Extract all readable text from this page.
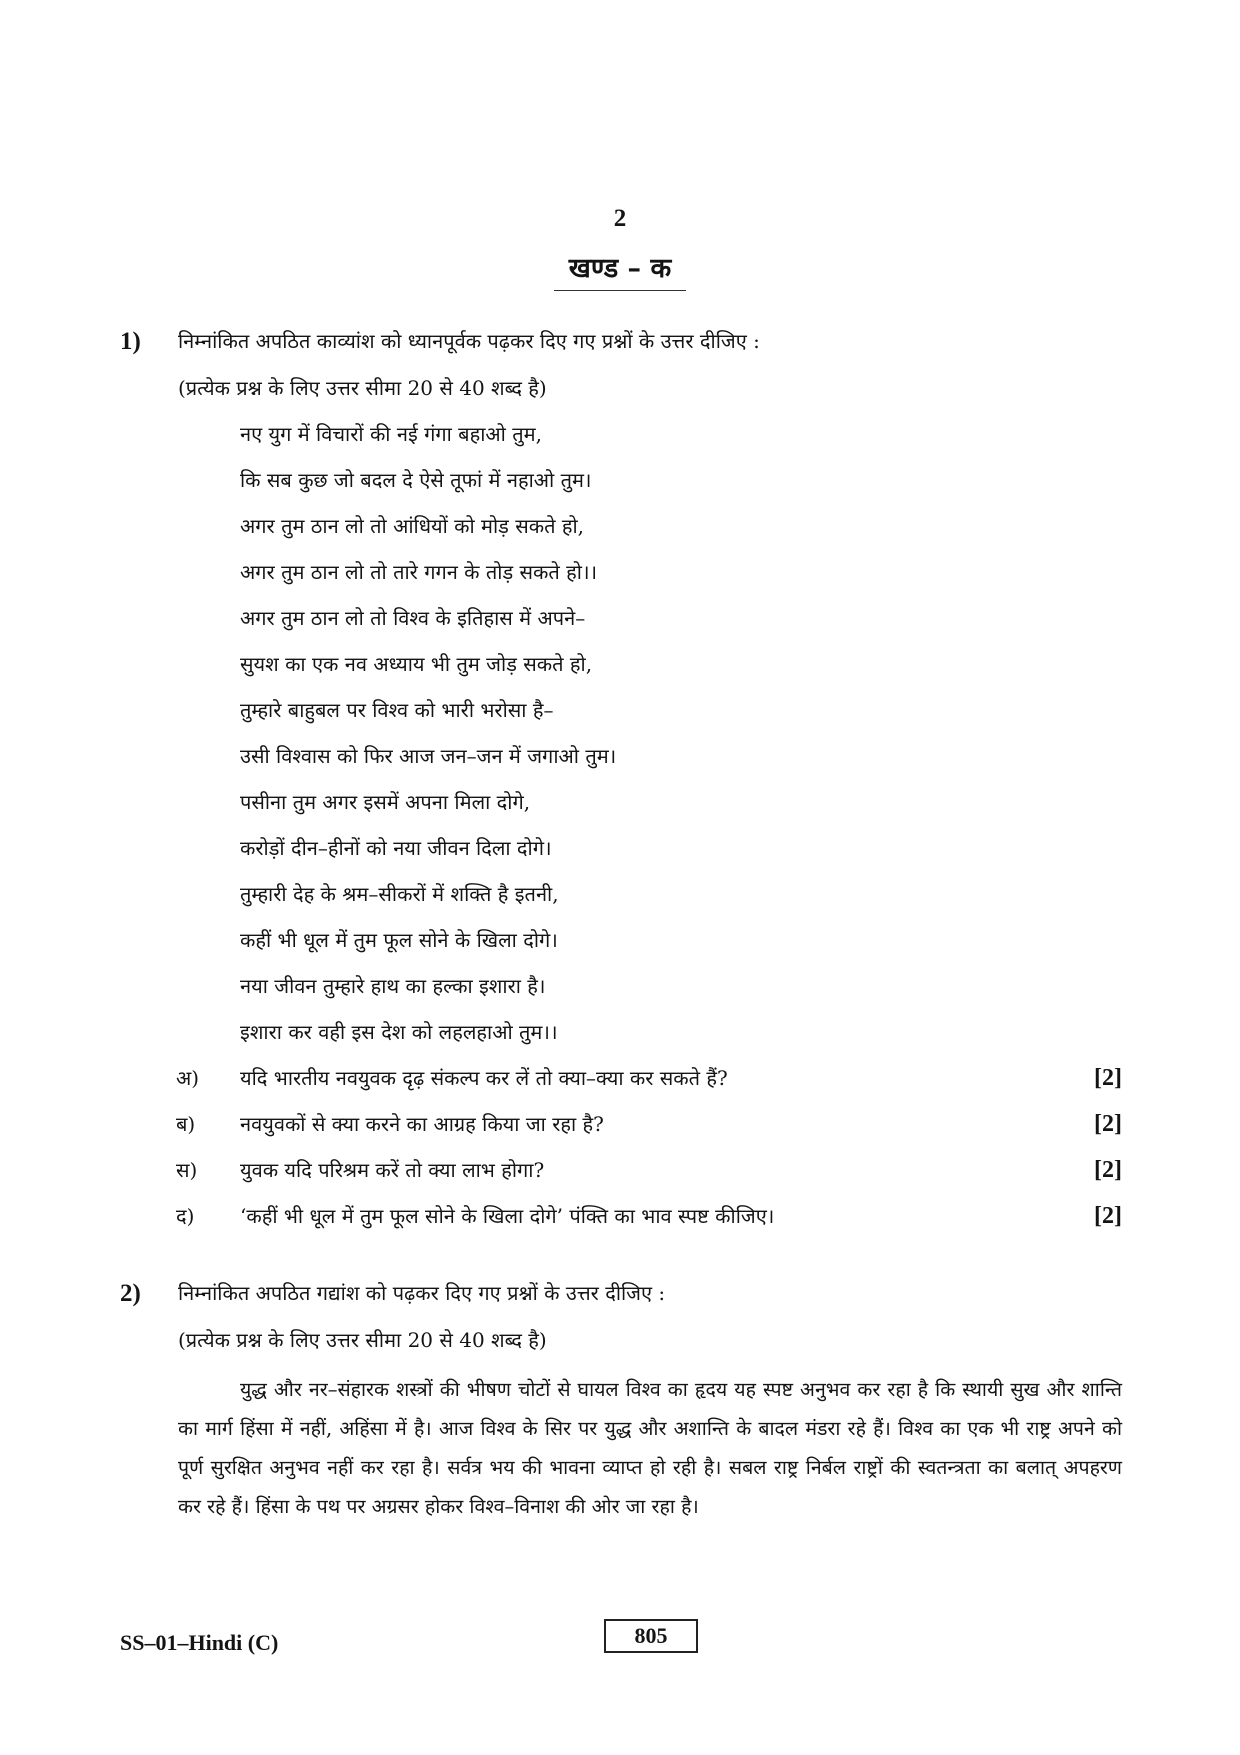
2
खण्ड – क
1) निम्नांकित अपठित काव्यांश को ध्यानपूर्वक पढ़कर दिए गए प्रश्नों के उत्तर दीजिए :
(प्रत्येक प्रश्न के लिए उत्तर सीमा 20 से 40 शब्द है)
नए युग में विचारों की नई गंगा बहाओ तुम,
कि सब कुछ जो बदल दे ऐसे तूफां में नहाओ तुम।
अगर तुम ठान लो तो आंधियों को मोड़ सकते हो,
अगर तुम ठान लो तो तारे गगन के तोड़ सकते हो।।
अगर तुम ठान लो तो विश्व के इतिहास में अपने–
सुयश का एक नव अध्याय भी तुम जोड़ सकते हो,
तुम्हारे बाहुबल पर विश्व को भारी भरोसा है–
उसी विश्वास को फिर आज जन–जन में जगाओ तुम।
पसीना तुम अगर इसमें अपना मिला दोगे,
करोड़ों दीन–हीनों को नया जीवन दिला दोगे।
तुम्हारी देह के श्रम–सीकरों में शक्ति है इतनी,
कहीं भी धूल में तुम फूल सोने के खिला दोगे।
नया जीवन तुम्हारे हाथ का हल्का इशारा है।
इशारा कर वही इस देश को लहलहाओ तुम।।
अ) यदि भारतीय नवयुवक दृढ़ संकल्प कर लें तो क्या–क्या कर सकते हैं?	[2]
ब) नवयुवकों से क्या करने का आग्रह किया जा रहा है?	[2]
स) युवक यदि परिश्रम करें तो क्या लाभ होगा?	[2]
द) ‘कहीं भी धूल में तुम फूल सोने के खिला दोगे’ पंक्ति का भाव स्पष्ट कीजिए।	[2]
2) निम्नांकित अपठित गद्यांश को पढ़कर दिए गए प्रश्नों के उत्तर दीजिए :
(प्रत्येक प्रश्न के लिए उत्तर सीमा 20 से 40 शब्द है)
युद्ध और नर–संहारक शस्त्रों की भीषण चोटों से घायल विश्व का हृदय यह स्पष्ट अनुभव कर रहा है कि स्थायी सुख और शान्ति का मार्ग हिंसा में नहीं, अहिंसा में है। आज विश्व के सिर पर युद्ध और अशान्ति के बादल मंडरा रहे हैं। विश्व का एक भी राष्ट्र अपने को पूर्ण सुरक्षित अनुभव नहीं कर रहा है। सर्वत्र भय की भावना व्याप्त हो रही है। सबल राष्ट्र निर्बल राष्ट्रों की स्वतन्त्रता का बलात् अपहरण कर रहे हैं। हिंसा के पथ पर अग्रसर होकर विश्व–विनाश की ओर जा रहा है।
SS–01–Hindi (C)	805
